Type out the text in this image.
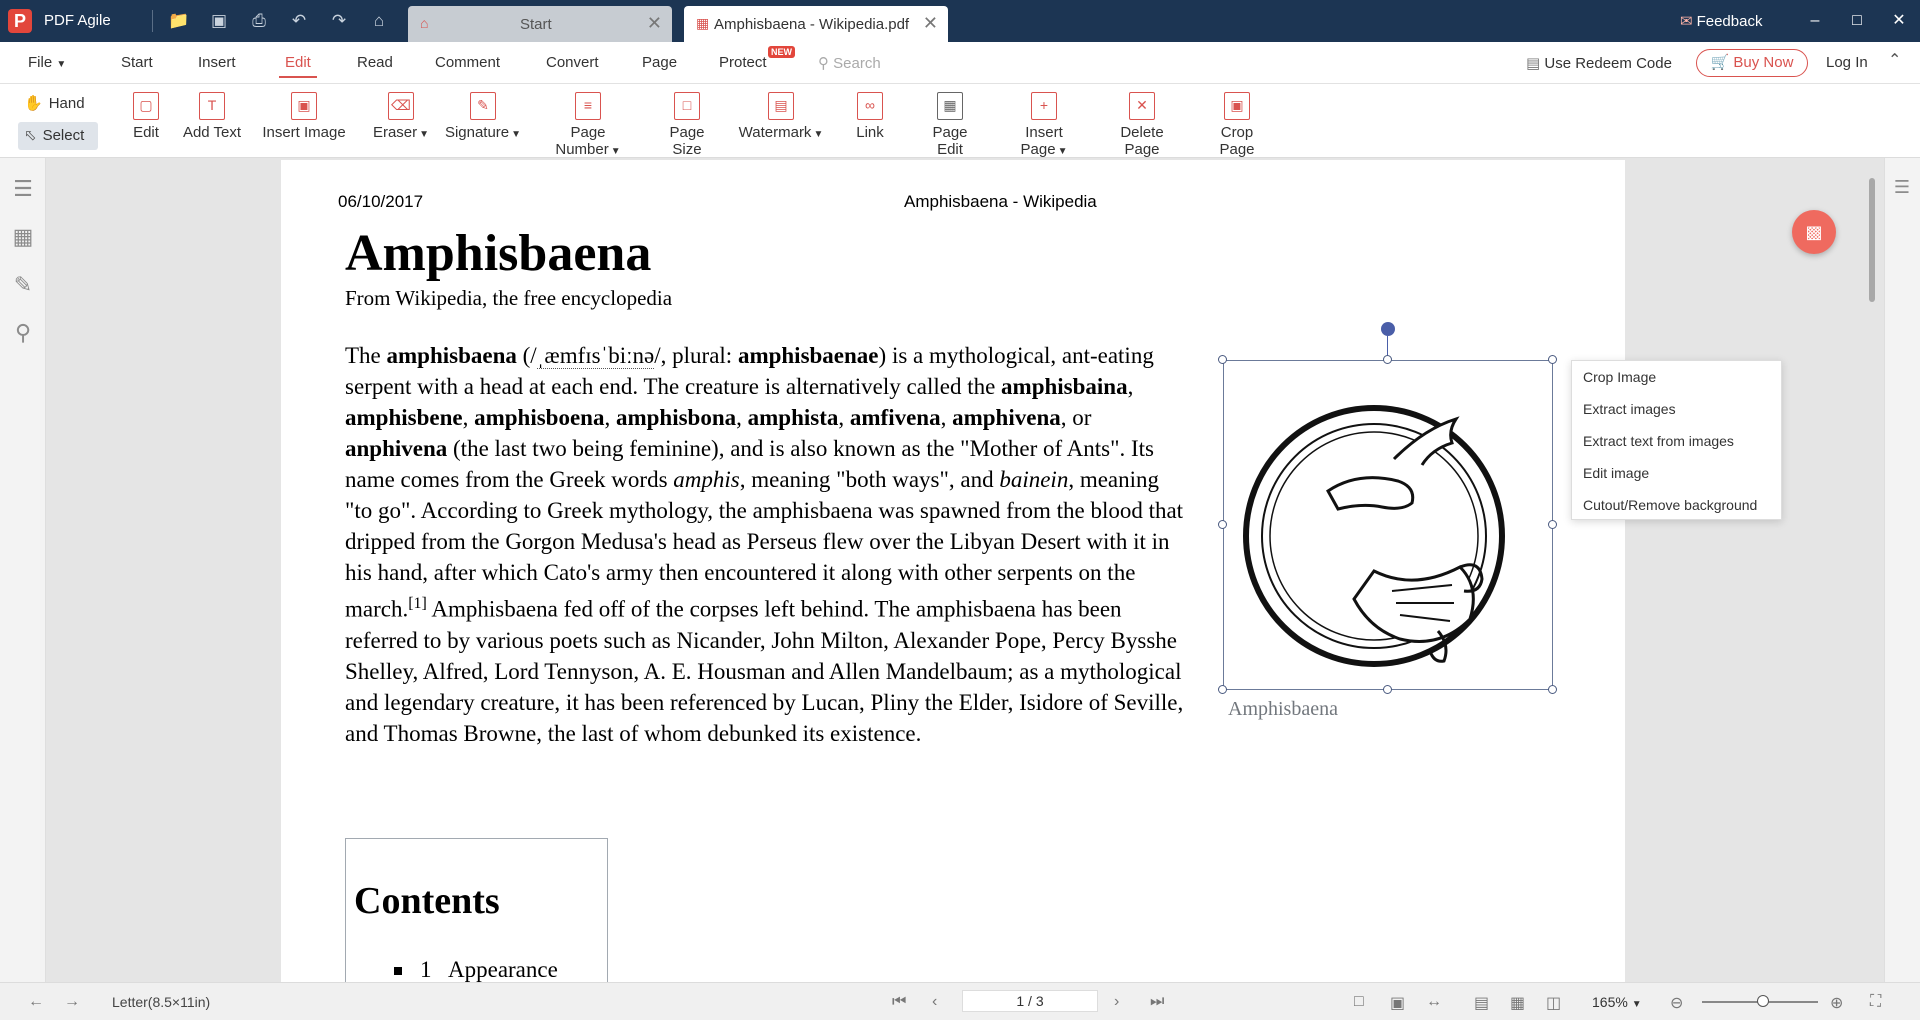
P	PDF Agile	📁 ▣ ⎙ ↶ ↷	⌂	⌂	Start	✕ ▦ Amphisbaena - Wikipedia.pdf ✕	✉ Feedback	–	□	✕
File ▼	Start	Insert	Edit	Read	Comment	Convert	Page	Protect
NEW
⚲ Search	▤ Use Redeem Code	🛒 Buy Now	Log In ⌃
✋ Hand
⬁ Select
▢
Edit
T
Add Text
▣
Insert Image
⌫
Eraser ▼
✎
Signature ▼
≡
Page Number ▼
□
Page Size
▤
Watermark ▼
∞
Link
▦
Page Edit
+
Insert Page ▼
✕
Delete Page
▣
Crop Page
☰
▦
✎
⚲
06/10/2017	Amphisbaena - Wikipedia
Amphisbaena
From Wikipedia, the free encyclopedia
The amphisbaena (/ˌæmfɪsˈbiːnə/, plural: amphisbaenae) is a mythological, ant-eating serpent with a head at each end. The creature is alternatively called the amphisbaina, amphisbene, amphisboena, amphisbona, amphista, amfivena, amphivena, or anphivena (the last two being feminine), and is also known as the "Mother of Ants". Its name comes from the Greek words amphis, meaning "both ways", and bainein, meaning "to go". According to Greek mythology, the amphisbaena was spawned from the blood that dripped from the Gorgon Medusa's head as Perseus flew over the Libyan Desert with it in his hand, after which Cato's army then encountered it along with other serpents on the march.[1] Amphisbaena fed off of the corpses left behind. The amphisbaena has been referred to by various poets such as Nicander, John Milton, Alexander Pope, Percy Bysshe Shelley, Alfred, Lord Tennyson, A. E. Housman and Allen Mandelbaum; as a mythological and legendary creature, it has been referenced by Lucan, Pliny the Elder, Isidore of Seville, and Thomas Browne, the last of whom debunked its existence.
Contents
1 Appearance
Amphisbaena
Crop Image
Extract images
Extract text from images
Edit image
Cutout/Remove background
▩
☰
← → Letter(8.5×11in)	⏮ ‹	1 / 3	› ⏭	□ ▣ ↔ ▤ ▦ ◫ 165% ▼ ⊖	⊕ ⛶
